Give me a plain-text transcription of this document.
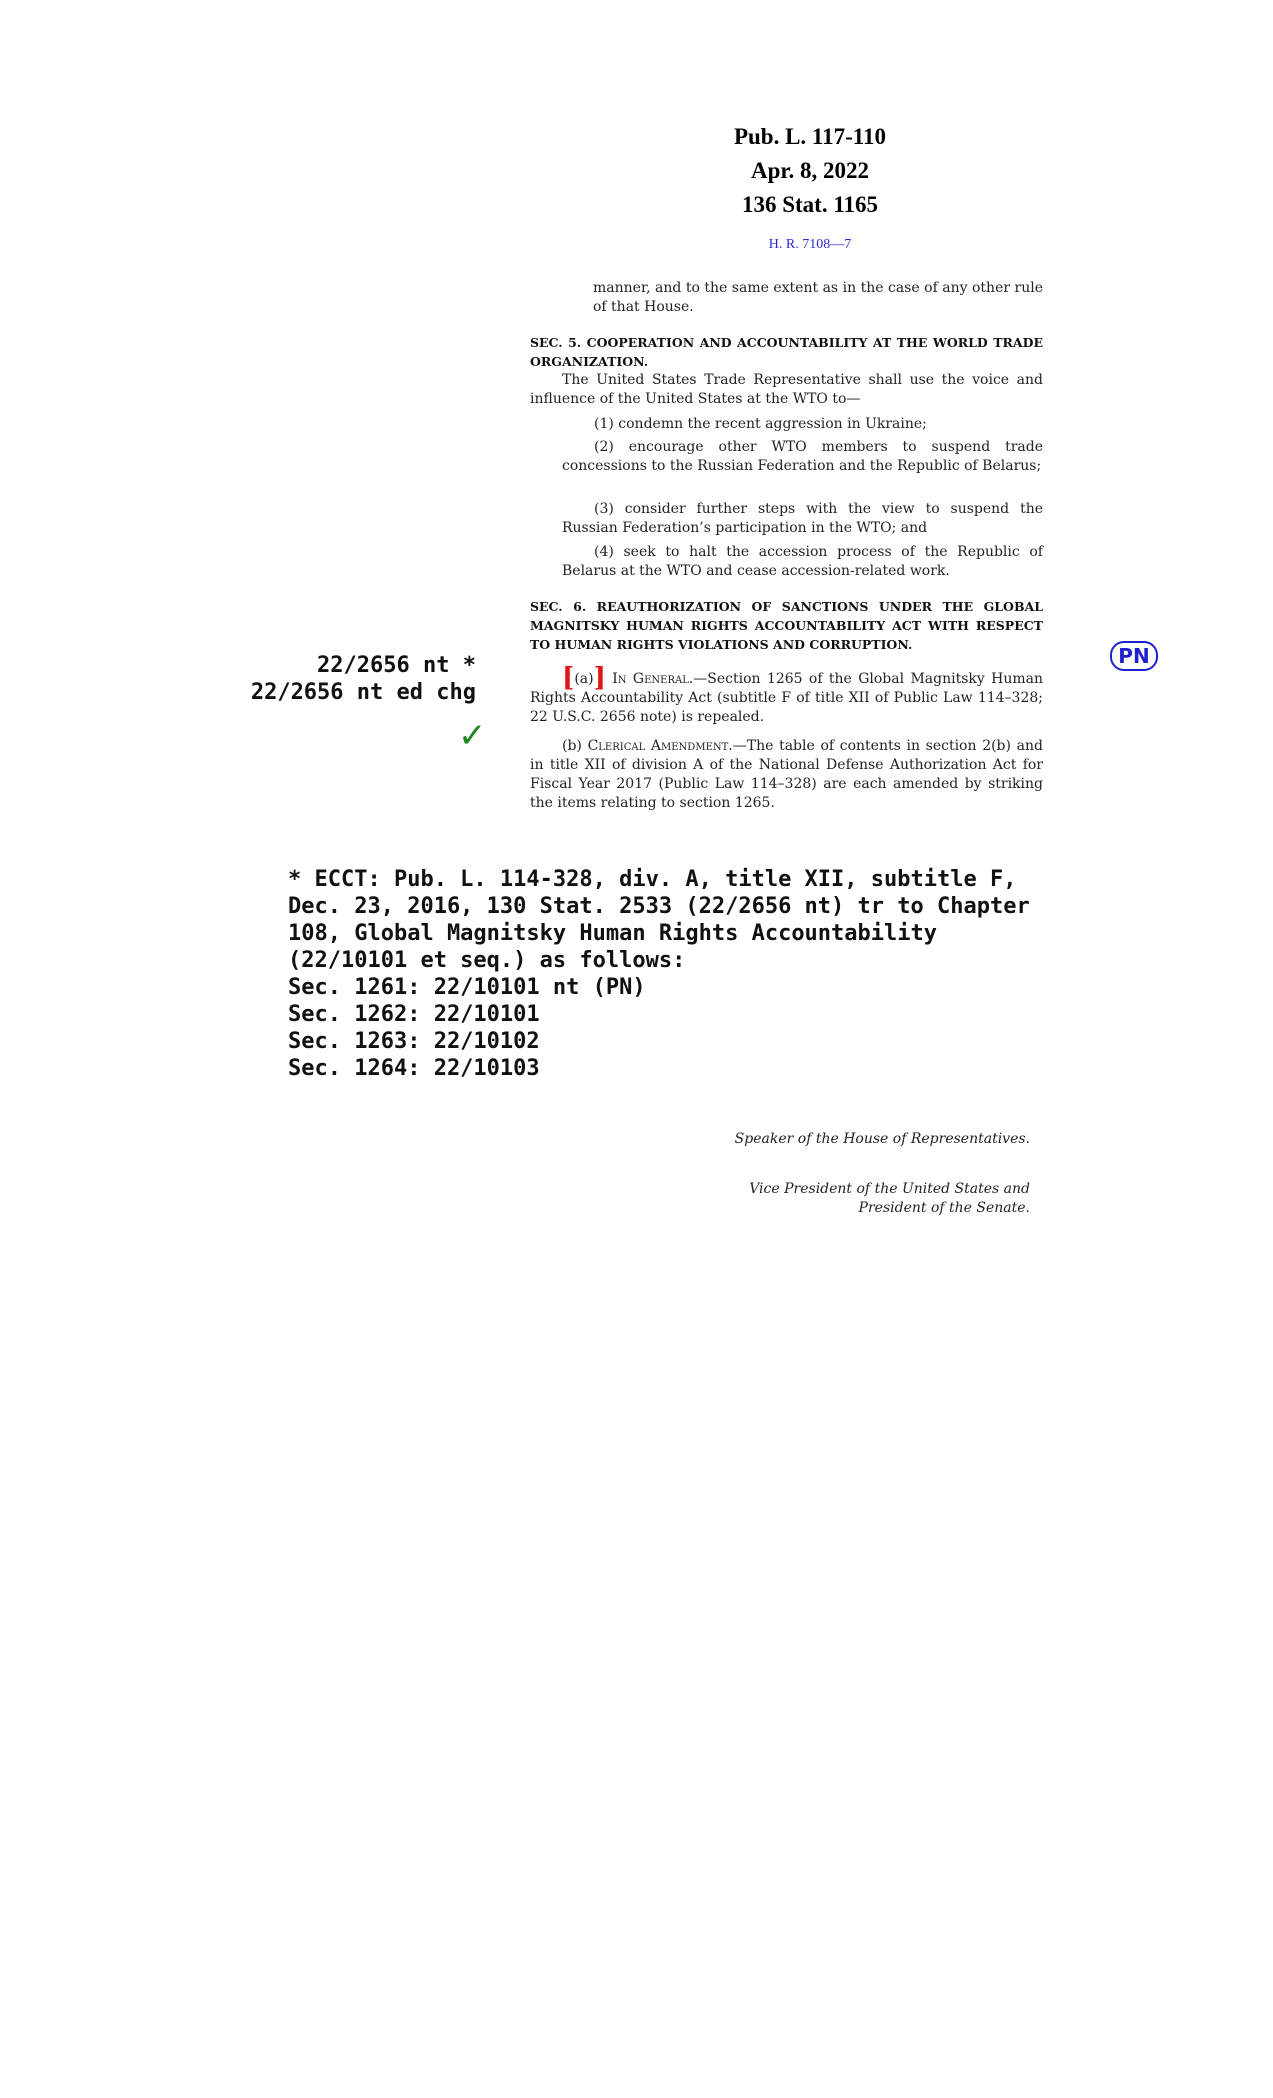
Pub. L. 117-110
Apr. 8, 2022
136 Stat. 1165
H. R. 7108—7
manner, and to the same extent as in the case of any other rule of that House.
SEC. 5. COOPERATION AND ACCOUNTABILITY AT THE WORLD TRADE ORGANIZATION.
The United States Trade Representative shall use the voice and influence of the United States at the WTO to—
(1) condemn the recent aggression in Ukraine;
(2) encourage other WTO members to suspend trade concessions to the Russian Federation and the Republic of Belarus;
(3) consider further steps with the view to suspend the Russian Federation’s participation in the WTO; and
(4) seek to halt the accession process of the Republic of Belarus at the WTO and cease accession-related work.
SEC. 6. REAUTHORIZATION OF SANCTIONS UNDER THE GLOBAL MAGNITSKY HUMAN RIGHTS ACCOUNTABILITY ACT WITH RESPECT TO HUMAN RIGHTS VIOLATIONS AND CORRUPTION.
[(a)] In General.—Section 1265 of the Global Magnitsky Human Rights Accountability Act (subtitle F of title XII of Public Law 114–328; 22 U.S.C. 2656 note) is repealed.
(b) Clerical Amendment.—The table of contents in section 2(b) and in title XII of division A of the National Defense Authorization Act for Fiscal Year 2017 (Public Law 114–328) are each amended by striking the items relating to section 1265.
22/2656 nt *
22/2656 nt ed chg
✓
PN
* ECCT: Pub. L. 114-328, div. A, title XII, subtitle F,
Dec. 23, 2016, 130 Stat. 2533 (22/2656 nt) tr to Chapter
108, Global Magnitsky Human Rights Accountability
(22/10101 et seq.) as follows:
Sec. 1261: 22/10101 nt (PN)
Sec. 1262: 22/10101
Sec. 1263: 22/10102
Sec. 1264: 22/10103
Speaker of the House of Representatives.
Vice President of the United States and
President of the Senate.
